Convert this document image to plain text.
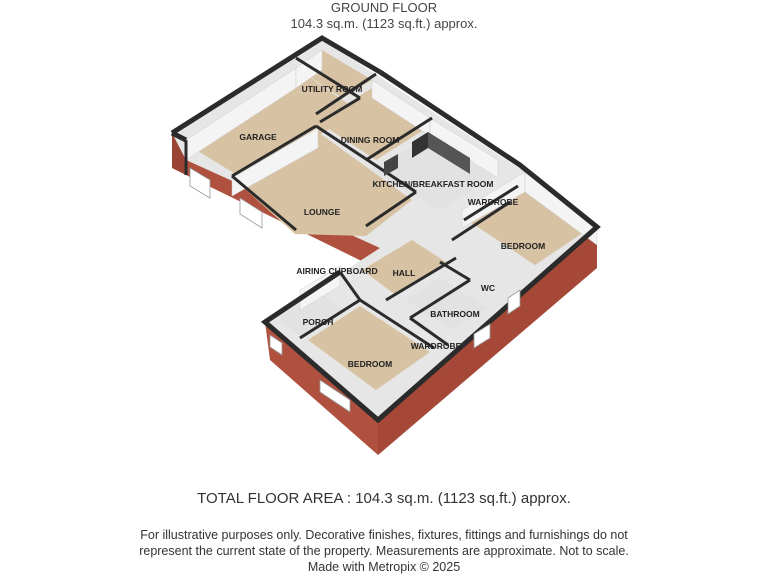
GROUND FLOOR
104.3 sq.m. (1123 sq.ft.) approx.
UTILITY ROOM
GARAGE	DINING ROOM
KITCHEN/BREAKFAST ROOM
LOUNGE
WARDROBE
BEDROOM
AIRING CUPBOARD HALL
WC
PORCH
BATHROOM
WARDROBE
BEDROOM
TOTAL FLOOR AREA : 104.3 sq.m. (1123 sq.ft.) approx.
For illustrative purposes only. Decorative finishes, fixtures, fittings and furnishings do not
represent the current state of the property. Measurements are approximate. Not to scale.
Made with Metropix © 2025
